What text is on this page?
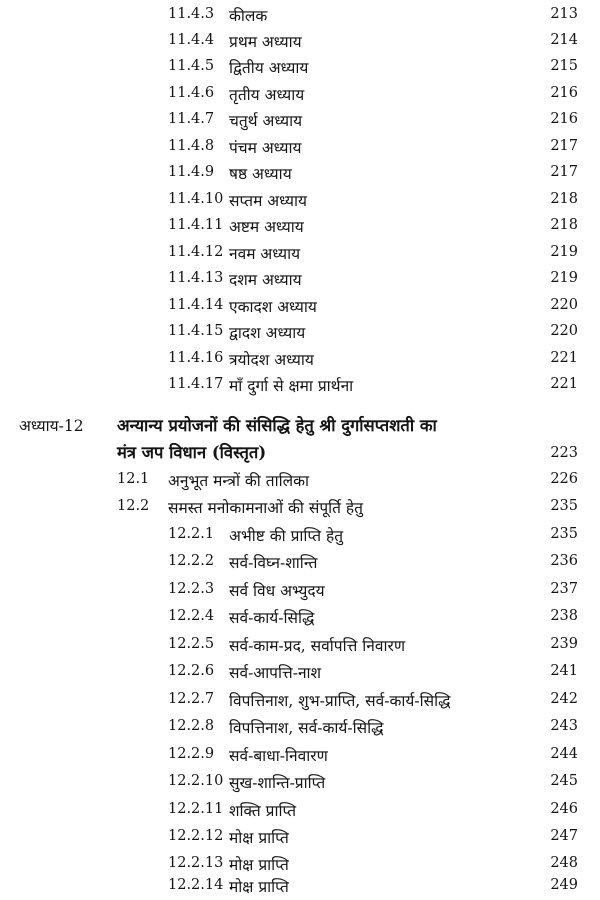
11.4.3 कीलक	213
11.4.4 प्रथम अध्याय	214
11.4.5 द्वितीय अध्याय	215
11.4.6 तृतीय अध्याय	216
11.4.7 चतुर्थ अध्याय	216
11.4.8 पंचम अध्याय	217
11.4.9 षष्ठ अध्याय	217
11.4.10 सप्तम अध्याय	218
11.4.11 अष्टम अध्याय	218
11.4.12 नवम अध्याय	219
11.4.13 दशम अध्याय	219
11.4.14 एकादश अध्याय	220
11.4.15 द्वादश अध्याय	220
11.4.16 त्रयोदश अध्याय	221
11.4.17 माँ दुर्गा से क्षमा प्रार्थना	221
अध्याय-12 अन्यान्य प्रयोजनों की संसिद्धि हेतु श्री दुर्गासप्तशती का
मंत्र जप विधान (विस्तृत)	223
12.1 अनुभूत मन्त्रों की तालिका	226
12.2 समस्त मनोकामनाओं की संपूर्ति हेतु	235
12.2.1 अभीष्ट की प्राप्ति हेतु	235
12.2.2 सर्व-विघ्न-शान्ति	236
12.2.3 सर्व विध अभ्युदय	237
12.2.4 सर्व-कार्य-सिद्धि	238
12.2.5 सर्व-काम-प्रद, सर्वापत्ति निवारण	239
12.2.6 सर्व-आपत्ति-नाश	241
12.2.7 विपत्तिनाश, शुभ-प्राप्ति, सर्व-कार्य-सिद्धि	242
12.2.8 विपत्तिनाश, सर्व-कार्य-सिद्धि	243
12.2.9 सर्व-बाधा-निवारण	244
12.2.10 सुख-शान्ति-प्राप्ति	245
12.2.11 शक्ति प्राप्ति	246
12.2.12 मोक्ष प्राप्ति	247
12.2.13 मोक्ष प्राप्ति	248
12.2.14 मोक्ष प्राप्ति	249
